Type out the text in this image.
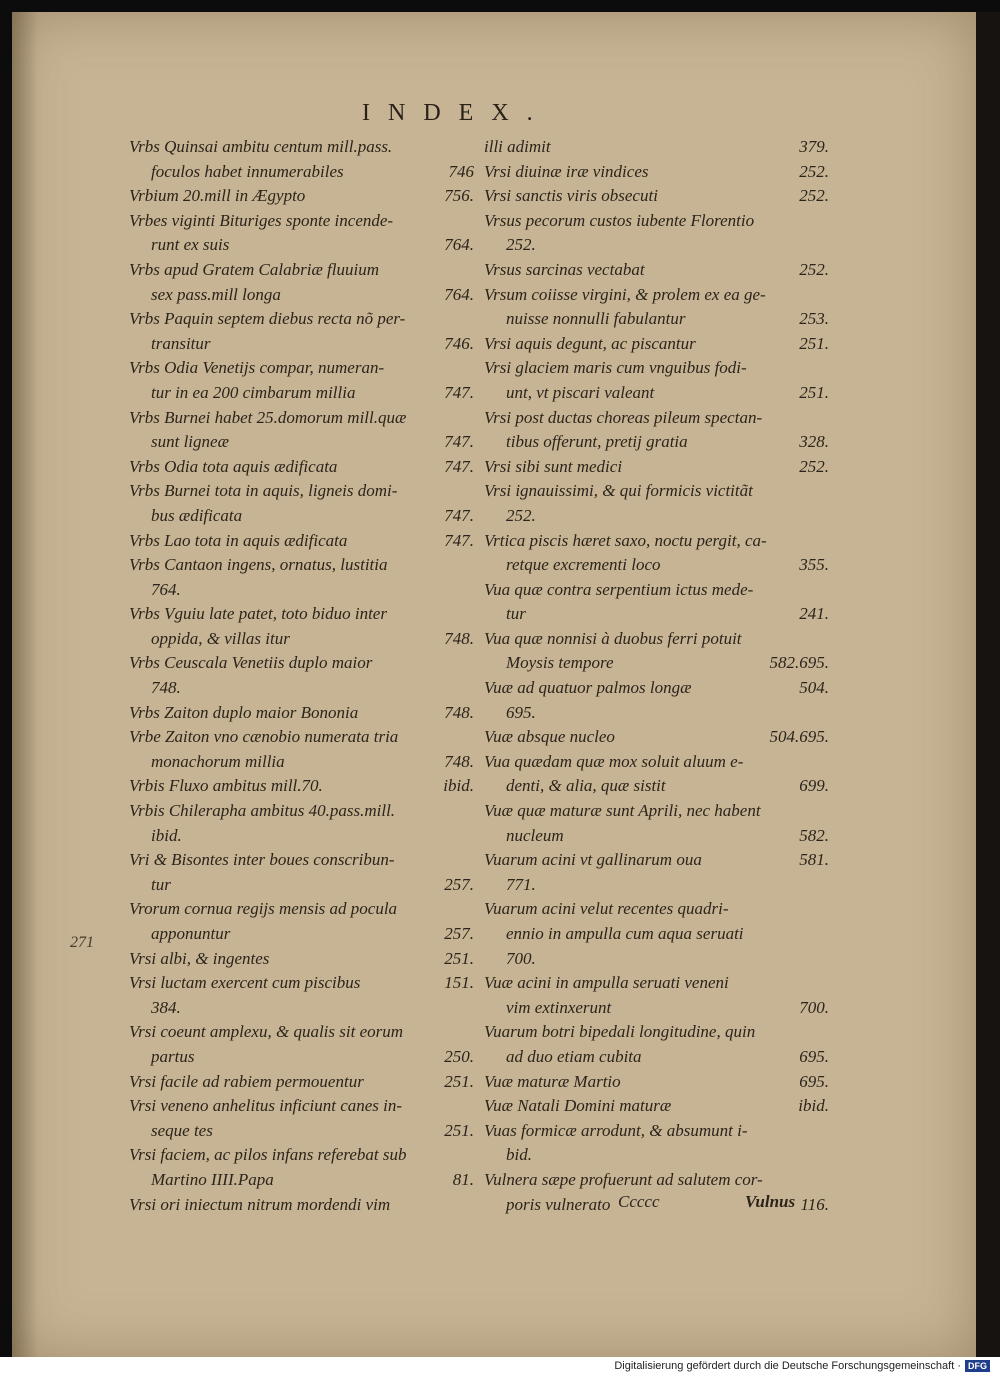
INDEX.
Vrbs Quinsai ambitu centum mill.pass.
foculos habet innumerabiles	746
Vrbium 20.mill in Ægypto	756.
Vrbes viginti Bituriges sponte incende-
runt ex suis	764.
Vrbs apud Gratem Calabriæ fluuium
sex pass.mill longa	764.
Vrbs Paquin septem diebus recta nõ per-
transitur	746.
Vrbs Odia Venetijs compar, numeran-
tur in ea 200 cimbarum millia	747.
Vrbs Burnei habet 25.domorum mill.quæ
sunt ligneæ	747.
Vrbs Odia tota aquis ædificata	747.
Vrbs Burnei tota in aquis, ligneis domi-
bus ædificata	747.
Vrbs Lao tota in aquis ædificata	747.
Vrbs Cantaon ingens, ornatus, lustitia
764.
Vrbs Vguiu late patet, toto biduo inter
oppida, & villas itur	748.
Vrbs Ceuscala Venetiis duplo maior
748.
Vrbs Zaiton duplo maior Bononia	748.
Vrbe Zaiton vno cænobio numerata tria
monachorum millia	748.
Vrbis Fluxo ambitus mill.70.	ibid.
Vrbis Chilerapha ambitus 40.pass.mill.
ibid.
Vri & Bisontes inter boues conscribun-
tur	257.
Vrorum cornua regijs mensis ad pocula
apponuntur	257.
Vrsi albi, & ingentes	251.
Vrsi luctam exercent cum piscibus	151.
384.
Vrsi coeunt amplexu, & qualis sit eorum
partus	250.
Vrsi facile ad rabiem permouentur	251.
Vrsi veneno anhelitus inficiunt canes in-
seque tes	251.
Vrsi faciem, ac pilos infans referebat sub
Martino IIII.Papa	81.
Vrsi ori iniectum nitrum mordendi vim
illi adimit	379.
Vrsi diuinæ iræ vindices	252.
Vrsi sanctis viris obsecuti	252.
Vrsus pecorum custos iubente Florentio
252.
Vrsus sarcinas vectabat	252.
Vrsum coiisse virgini, & prolem ex ea ge-
nuisse nonnulli fabulantur	253.
Vrsi aquis degunt, ac piscantur	251.
Vrsi glaciem maris cum vnguibus fodi-
unt, vt piscari valeant	251.
Vrsi post ductas choreas pileum spectan-
tibus offerunt, pretij gratia	328.
Vrsi sibi sunt medici	252.
Vrsi ignauissimi, & qui formicis victitãt
252.
Vrtica piscis hæret saxo, noctu pergit, ca-
retque excrementi loco	355.
Vua quæ contra serpentium ictus mede-
tur	241.
Vua quæ nonnisi à duobus ferri potuit
Moysis tempore	582.695.
Vuæ ad quatuor palmos longæ	504.
695.
Vuæ absque nucleo	504.695.
Vua quædam quæ mox soluit aluum e-
denti, & alia, quæ sistit	699.
Vuæ quæ maturæ sunt Aprili, nec habent
nucleum	582.
Vuarum acini vt gallinarum oua	581.
771.
Vuarum acini velut recentes quadri-
ennio in ampulla cum aqua seruati
700.
Vuæ acini in ampulla seruati veneni
vim extinxerunt	700.
Vuarum botri bipedali longitudine, quin
ad duo etiam cubita	695.
Vuæ maturæ Martio	695.
Vuæ Natali Domini maturæ	ibid.
Vuas formicæ arrodunt, & absumunt i-
bid.
Vulnera sæpe profuerunt ad salutem cor-
poris vulnerato	116.
271
Ccccc	Vulnus
Digitalisierung gefördert durch die Deutsche Forschungsgemeinschaft · DFG
